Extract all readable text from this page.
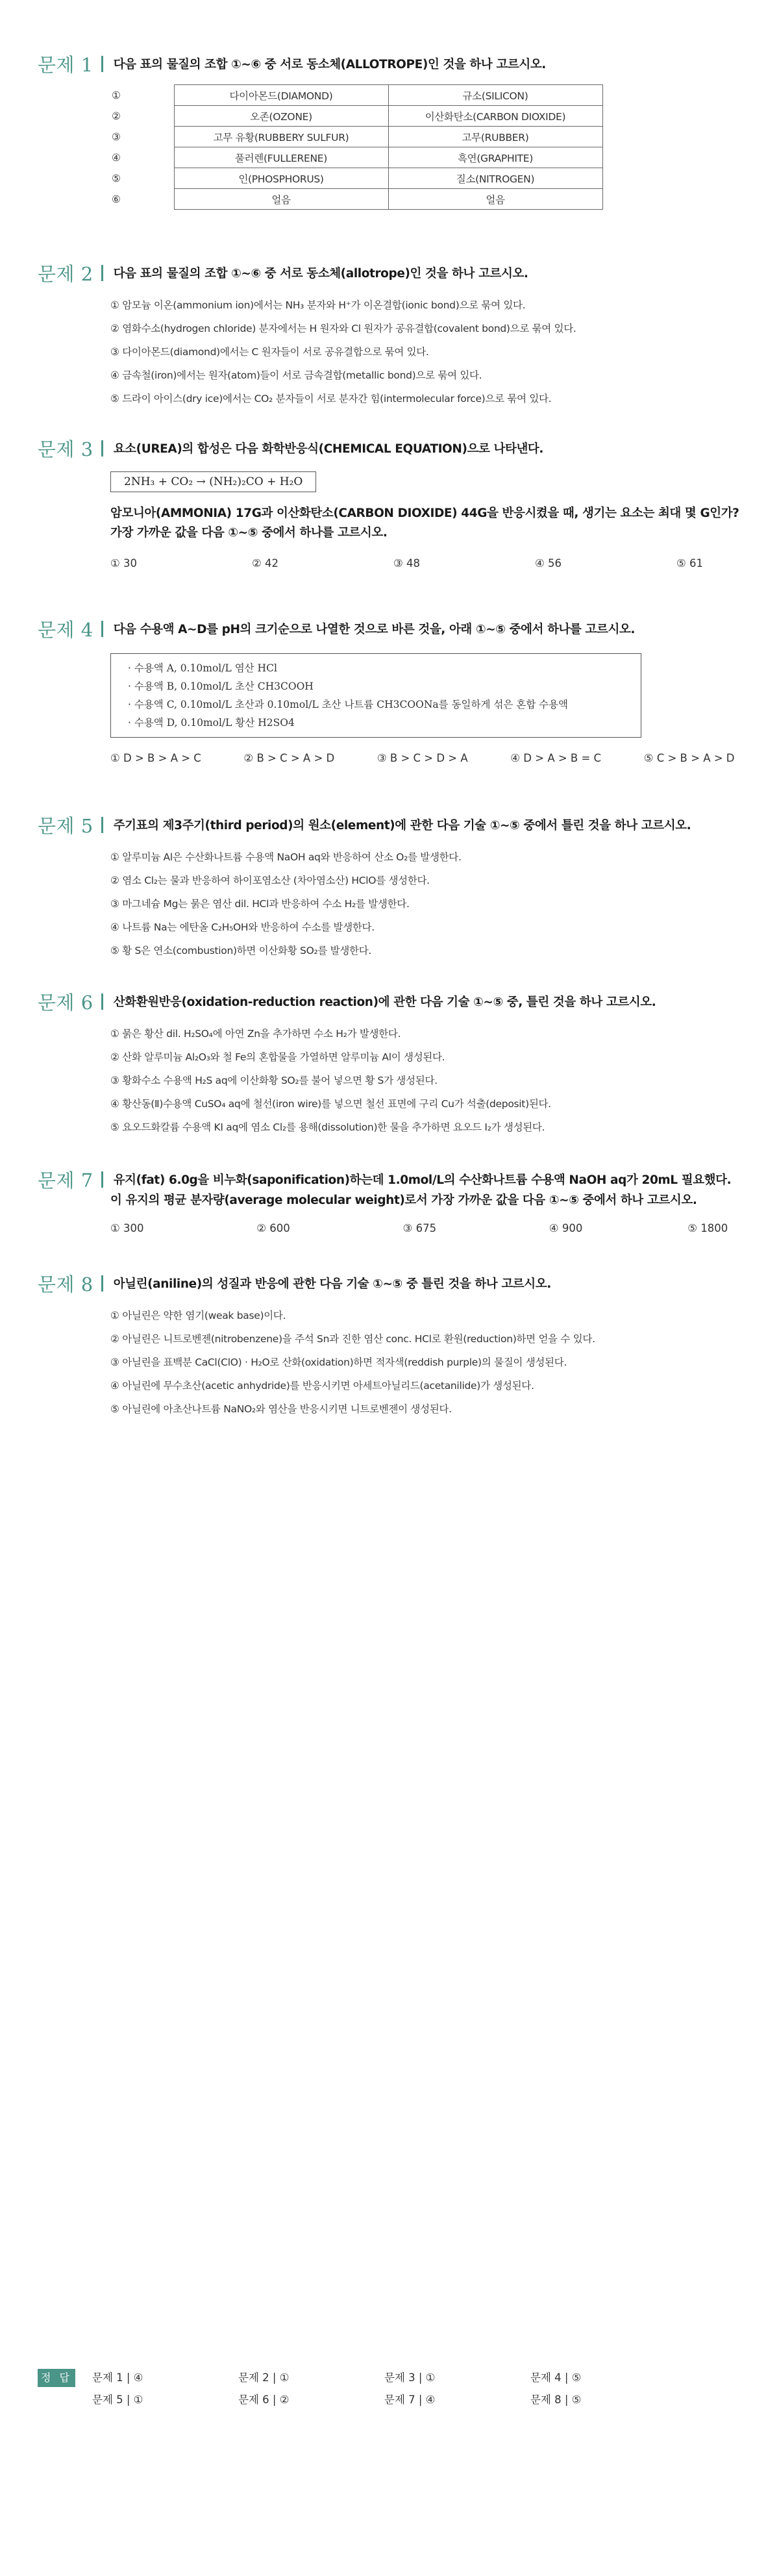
문제 1 다음 표의 물질의 조합 ①~⑥ 중 서로 동소체(ALLOTROPE)인 것을 하나 고르시오.
①	다이아몬드(DIAMOND)	규소(SILICON)
②	오존(OZONE)	이산화탄소(CARBON DIOXIDE)
③	고무 유황(RUBBERY SULFUR)	고무(RUBBER)
④	풀러렌(FULLERENE)	흑연(GRAPHITE)
⑤	인(PHOSPHORUS)	질소(NITROGEN)
⑥	얼음	얼음
문제 2 다음 표의 물질의 조합 ①~⑥ 중 서로 동소체(allotrope)인 것을 하나 고르시오.
① 암모늄 이온(ammonium ion)에서는 NH₃ 분자와 H⁺가 이온결합(ionic bond)으로 묶여 있다.
② 염화수소(hydrogen chloride) 분자에서는 H 원자와 Cl 원자가 공유결합(covalent bond)으로 묶여 있다.
③ 다이아몬드(diamond)에서는 C 원자들이 서로 공유결합으로 묶여 있다.
④ 금속철(iron)에서는 원자(atom)들이 서로 금속결합(metallic bond)으로 묶여 있다.
⑤ 드라이 아이스(dry ice)에서는 CO₂ 분자들이 서로 분자간 힘(intermolecular force)으로 묶여 있다.
문제 3 요소(UREA)의 합성은 다음 화학반응식(CHEMICAL EQUATION)으로 나타낸다.
2NH₃ + CO₂ → (NH₂)₂CO + H₂O
암모니아(AMMONIA) 17G과 이산화탄소(CARBON DIOXIDE) 44G을 반응시켰을 때, 생기는 요소는 최대 몇 G인가?
가장 가까운 값을 다음 ①~⑤ 중에서 하나를 고르시오.
① 30	② 42	③ 48	④ 56	⑤ 61
문제 4 다음 수용액 A~D를 pH의 크기순으로 나열한 것으로 바른 것을, 아래 ①~⑤ 중에서 하나를 고르시오.
· 수용액 A, 0.10mol/L 염산 HCl
· 수용액 B, 0.10mol/L 초산 CH3COOH
· 수용액 C, 0.10mol/L 초산과 0.10mol/L 초산 나트륨 CH3COONa를 동일하게 섞은 혼합 수용액
· 수용액 D, 0.10mol/L 황산 H2SO4
① D > B > A > C	② B > C > A > D	③ B > C > D > A	④ D > A > B = C	⑤ C > B > A > D
문제 5 주기표의 제3주기(third period)의 원소(element)에 관한 다음 기술 ①~⑤ 중에서 틀린 것을 하나 고르시오.
① 알루미늄 Al은 수산화나트륨 수용액 NaOH aq와 반응하여 산소 O₂를 발생한다.
② 염소 Cl₂는 물과 반응하여 하이포염소산 (차아염소산) HClO를 생성한다.
③ 마그네슘 Mg는 묽은 염산 dil. HCl과 반응하여 수소 H₂를 발생한다.
④ 나트륨 Na는 에탄올 C₂H₅OH와 반응하여 수소를 발생한다.
⑤ 황 S은 연소(combustion)하면 이산화황 SO₂를 발생한다.
문제 6 산화환원반응(oxidation-reduction reaction)에 관한 다음 기술 ①~⑤ 중, 틀린 것을 하나 고르시오.
① 묽은 황산 dil. H₂SO₄에 아연 Zn을 추가하면 수소 H₂가 발생한다.
② 산화 알루미늄 Al₂O₃와 철 Fe의 혼합물을 가열하면 알루미늄 Al이 생성된다.
③ 황화수소 수용액 H₂S aq에 이산화황 SO₂를 불어 넣으면 황 S가 생성된다.
④ 황산동(Ⅱ)수용액 CuSO₄ aq에 철선(iron wire)를 넣으면 철선 표면에 구리 Cu가 석출(deposit)된다.
⑤ 요오드화칼륨 수용액 KI aq에 염소 Cl₂를 용해(dissolution)한 물을 추가하면 요오드 I₂가 생성된다.
문제 7 유지(fat) 6.0g을 비누화(saponification)하는데 1.0mol/L의 수산화나트륨 수용액 NaOH aq가 20mL 필요했다.
이 유지의 평균 분자량(average molecular weight)로서 가장 가까운 값을 다음 ①~⑤ 중에서 하나 고르시오.
① 300	② 600	③ 675	④ 900	⑤ 1800
문제 8 아닐린(aniline)의 성질과 반응에 관한 다음 기술 ①~⑤ 중 틀린 것을 하나 고르시오.
① 아닐린은 약한 염기(weak base)이다.
② 아닐린은 니트로벤젠(nitrobenzene)을 주석 Sn과 진한 염산 conc. HCl로 환원(reduction)하면 얻을 수 있다.
③ 아닐린을 표백분 CaCl(ClO) · H₂O로 산화(oxidation)하면 적자색(reddish purple)의 물질이 생성된다.
④ 아닐린에 무수초산(acetic anhydride)를 반응시키면 아세트아닐리드(acetanilide)가 생성된다.
⑤ 아닐린에 아초산나트륨 NaNO₂와 염산을 반응시키면 니트로벤젠이 생성된다.
정 답	문제 1 | ④	문제 2 | ①	문제 3 | ①	문제 4 | ⑤
문제 5 | ①	문제 6 | ②	문제 7 | ④	문제 8 | ⑤
